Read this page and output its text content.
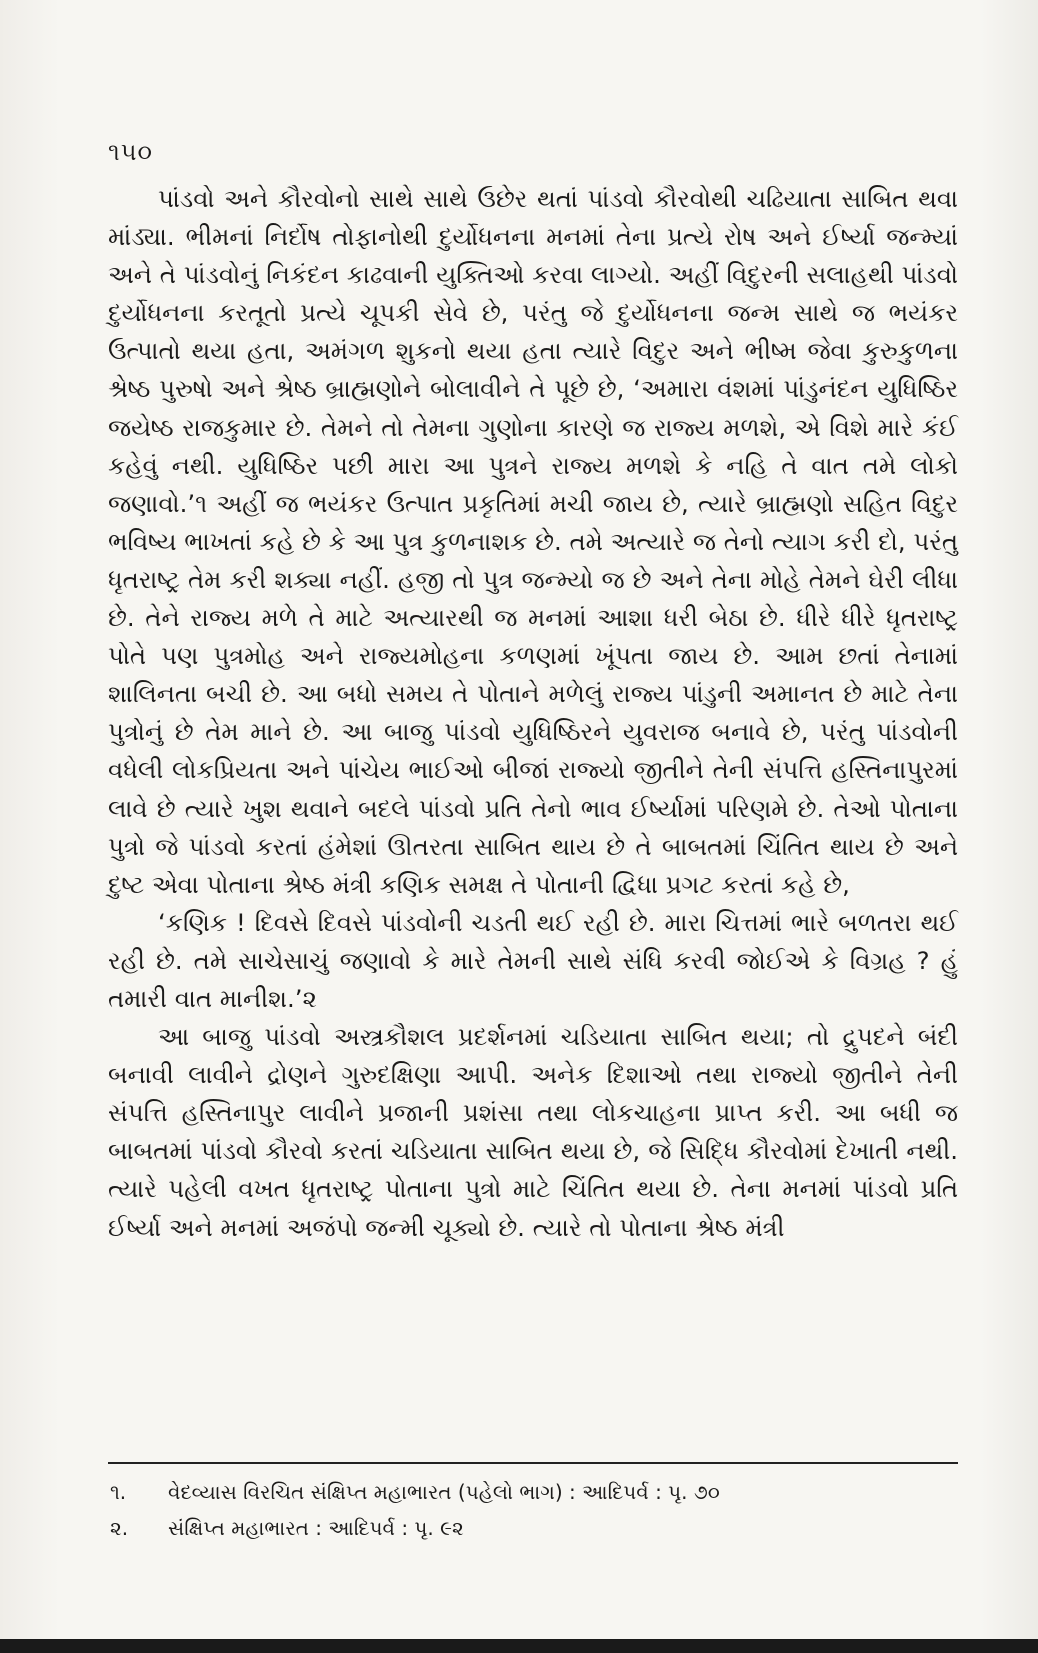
૧૫૦

પાંડવો અને કૌરવોનો સાથે સાથે ઉછેર થતાં પાંડવો કૌરવોથી ચઢિયાતા સાબિત થવા માંડ્યા. ભીમનાં નિર્દોષ તોફાનોથી દુર્યોધનના મનમાં તેના પ્રત્યે રોષ અને ઈર્ષ્યા જન્મ્યાં અને તે પાંડવોનું નિકંદન કાઢવાની યુક્તિઓ કરવા લાગ્યો. અહીં વિદુરની સલાહથી પાંડવો દુર્યોધનના કરતૂતો પ્રત્યે ચૂપકી સેવે છે, પરંતુ જે દુર્યોધનના જન્મ સાથે જ ભયંકર ઉત્પાતો થયા હતા, અમંગળ શુકનો થયા હતા ત્યારે વિદુર અને ભીષ્મ જેવા કુરુકુળના શ્રેષ્ઠ પુરુષો અને શ્રેષ્ઠ બ્રાહ્મણોને બોલાવીને તે પૂછે છે, ‘અમારા વંશમાં પાંડુનંદન યુધિષ્ઠિર જયેષ્ઠ રાજકુમાર છે. તેમને તો તેમના ગુણોના કારણે જ રાજ્ય મળશે, એ વિશે મારે કંઈ કહેવું નથી. યુધિષ્ઠિર પછી મારા આ પુત્રને રાજ્ય મળશે કે નહિ તે વાત તમે લોકો જણાવો.’૧ અહીં જ ભયંકર ઉત્પાત પ્રકૃતિમાં મચી જાય છે, ત્યારે બ્રાહ્મણો સહિત વિદુર ભવિષ્ય ભાખતાં કહે છે કે આ પુત્ર કુળનાશક છે. તમે અત્યારે જ તેનો ત્યાગ કરી દો, પરંતુ ધૃતરાષ્ટ્ર તેમ કરી શક્યા નહીં. હજી તો પુત્ર જન્મ્યો જ છે અને તેના મોહે તેમને ઘેરી લીધા છે. તેને રાજ્ય મળે તે માટે અત્યારથી જ મનમાં આશા ધરી બેઠા છે. ધીરે ધીરે ધૃતરાષ્ટ્ર પોતે પણ પુત્રમોહ અને રાજ્યમોહના કળણમાં ખૂંપતા જાય છે. આમ છતાં તેનામાં શાલિનતા બચી છે. આ બધો સમય તે પોતાને મળેલું રાજ્ય પાંડુની અમાનત છે માટે તેના પુત્રોનું છે તેમ માને છે. આ બાજુ પાંડવો યુધિષ્ઠિરને યુવરાજ બનાવે છે, પરંતુ પાંડવોની વધેલી લોકપ્રિયતા અને પાંચેય ભાઈઓ બીજાં રાજ્યો જીતીને તેની સંપત્તિ હસ્તિનાપુરમાં લાવે છે ત્યારે ખુશ થવાને બદલે પાંડવો પ્રતિ તેનો ભાવ ઈર્ષ્યામાં પરિણમે છે. તેઓ પોતાના પુત્રો જે પાંડવો કરતાં હંમેશાં ઊતરતા સાબિત થાય છે તે બાબતમાં ચિંતિત થાય છે અને દુષ્ટ એવા પોતાના શ્રેષ્ઠ મંત્રી કણિક સમક્ષ તે પોતાની દ્વિધા પ્રગટ કરતાં કહે છે,

‘કણિક ! દિવસે દિવસે પાંડવોની ચડતી થઈ રહી છે. મારા ચિત્તમાં ભારે બળતરા થઈ રહી છે. તમે સાચેસાચું જણાવો કે મારે તેમની સાથે સંધિ કરવી જોઈએ કે વિગ્રહ ? હું તમારી વાત માનીશ.’૨

આ બાજુ પાંડવો અસ્ત્રકૌશલ પ્રદર્શનમાં ચડિયાતા સાબિત થયા; તો દ્રુપદને બંદી બનાવી લાવીને દ્રોણને ગુરુદક્ષિણા આપી. અનેક દિશાઓ તથા રાજ્યો જીતીને તેની સંપત્તિ હસ્તિનાપુર લાવીને પ્રજાની પ્રશંસા તથા લોકચાહના પ્રાપ્ત કરી. આ બધી જ બાબતમાં પાંડવો કૌરવો કરતાં ચડિયાતા સાબિત થયા છે, જે સિદ્ધિ કૌરવોમાં દેખાતી નથી. ત્યારે પહેલી વખત ધૃતરાષ્ટ્ર પોતાના પુત્રો માટે ચિંતિત થયા છે. તેના મનમાં પાંડવો પ્રતિ ઈર્ષ્યા અને મનમાં અજંપો જન્મી ચૂક્યો છે. ત્યારે તો પોતાના શ્રેષ્ઠ મંત્રી

૧.	વેદવ્યાસ વિરચિત સંક્ષિપ્ત મહાભારત (પહેલો ભાગ) : આદિપર્વ : પૃ. ૭૦
૨.	સંક્ષિપ્ત મહાભારત : આદિપર્વ : પૃ. ૯૨
